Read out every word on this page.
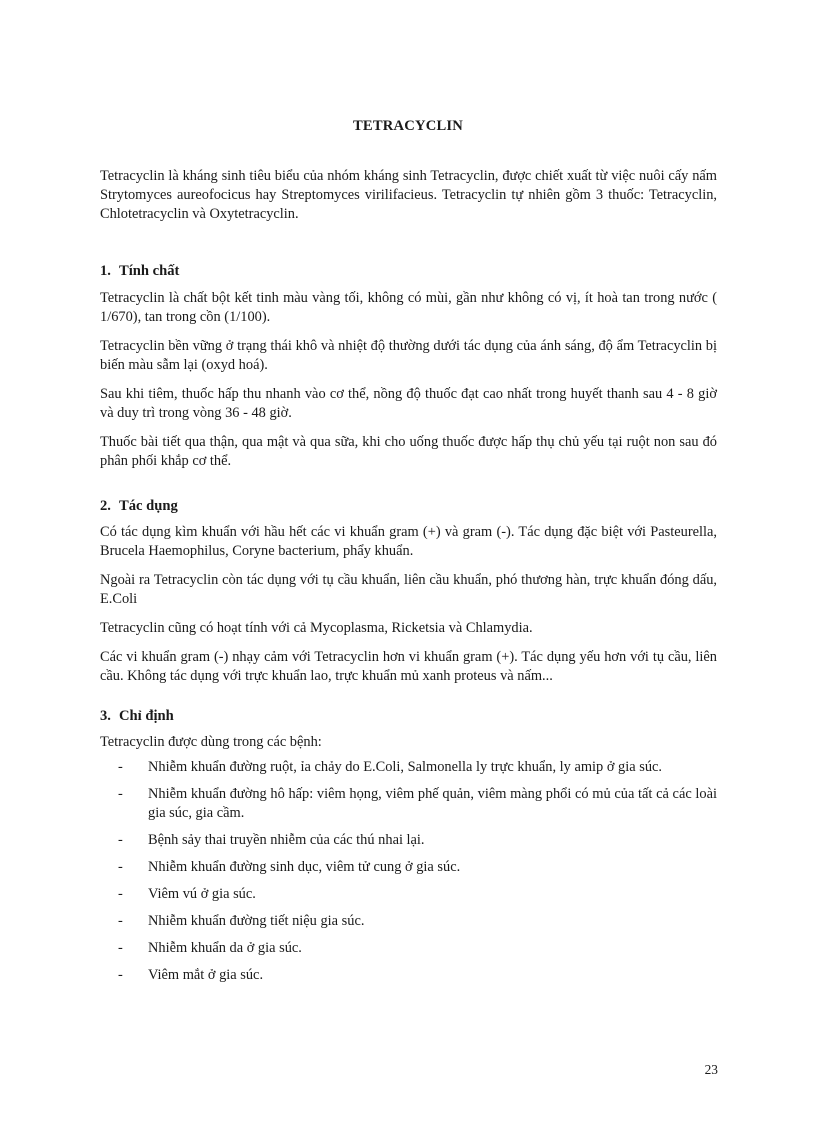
TETRACYCLIN

Tetracyclin là kháng sinh tiêu biểu của nhóm kháng sinh Tetracyclin, được chiết xuất từ việc nuôi cấy nấm Strytomyces aureofocicus hay Streptomyces virilifacieus. Tetracyclin tự nhiên gồm 3 thuốc: Tetracyclin, Chlotetracyclin và Oxytetracyclin.

1. Tính chất

Tetracyclin là chất bột kết tinh màu vàng tối, không có mùi, gần như không có vị, ít hoà tan trong nước ( 1/670), tan trong cồn (1/100).

Tetracyclin bền vững ở trạng thái khô và nhiệt độ thường dưới tác dụng của ánh sáng, độ ẩm Tetracyclin bị biến màu sẫm lại (oxyd hoá).

Sau khi tiêm, thuốc hấp thu nhanh vào cơ thể, nồng độ thuốc đạt cao nhất trong huyết thanh sau 4 - 8 giờ và duy trì trong vòng 36 - 48 giờ.

Thuốc bài tiết qua thận, qua mật và qua sữa, khi cho uống thuốc được hấp thụ chủ yếu tại ruột non sau đó phân phối khắp cơ thể.

2. Tác dụng

Có tác dụng kìm khuẩn với hầu hết các vi khuẩn gram (+) và gram (-). Tác dụng đặc biệt với Pasteurella, Brucela Haemophilus, Coryne bacterium, phẩy khuẩn.

Ngoài ra Tetracyclin còn tác dụng với tụ cầu khuẩn, liên cầu khuẩn, phó thương hàn, trực khuẩn đóng dấu, E.Coli

Tetracyclin cũng có hoạt tính với cả Mycoplasma, Ricketsia và Chlamydia.

Các vi khuẩn gram (-) nhạy cảm với Tetracyclin hơn vi khuẩn gram (+). Tác dụng yếu hơn với tụ cầu, liên cầu. Không tác dụng với trực khuẩn lao, trực khuẩn mủ xanh proteus và nấm...

3. Chỉ định

Tetracyclin được dùng trong các bệnh:

- Nhiễm khuẩn đường ruột, ỉa chảy do E.Coli, Salmonella ly trực khuẩn, ly amip ở gia súc.
- Nhiễm khuẩn đường hô hấp: viêm họng, viêm phế quản, viêm màng phổi có mủ của tất cả các loài gia súc, gia cầm.
- Bệnh sảy thai truyền nhiễm của các thú nhai lại.
- Nhiễm khuẩn đường sinh dục, viêm tử cung ở gia súc.
- Viêm vú ở gia súc.
- Nhiễm khuẩn đường tiết niệu gia súc.
- Nhiễm khuẩn da ở gia súc.
- Viêm mắt ở gia súc.
23
